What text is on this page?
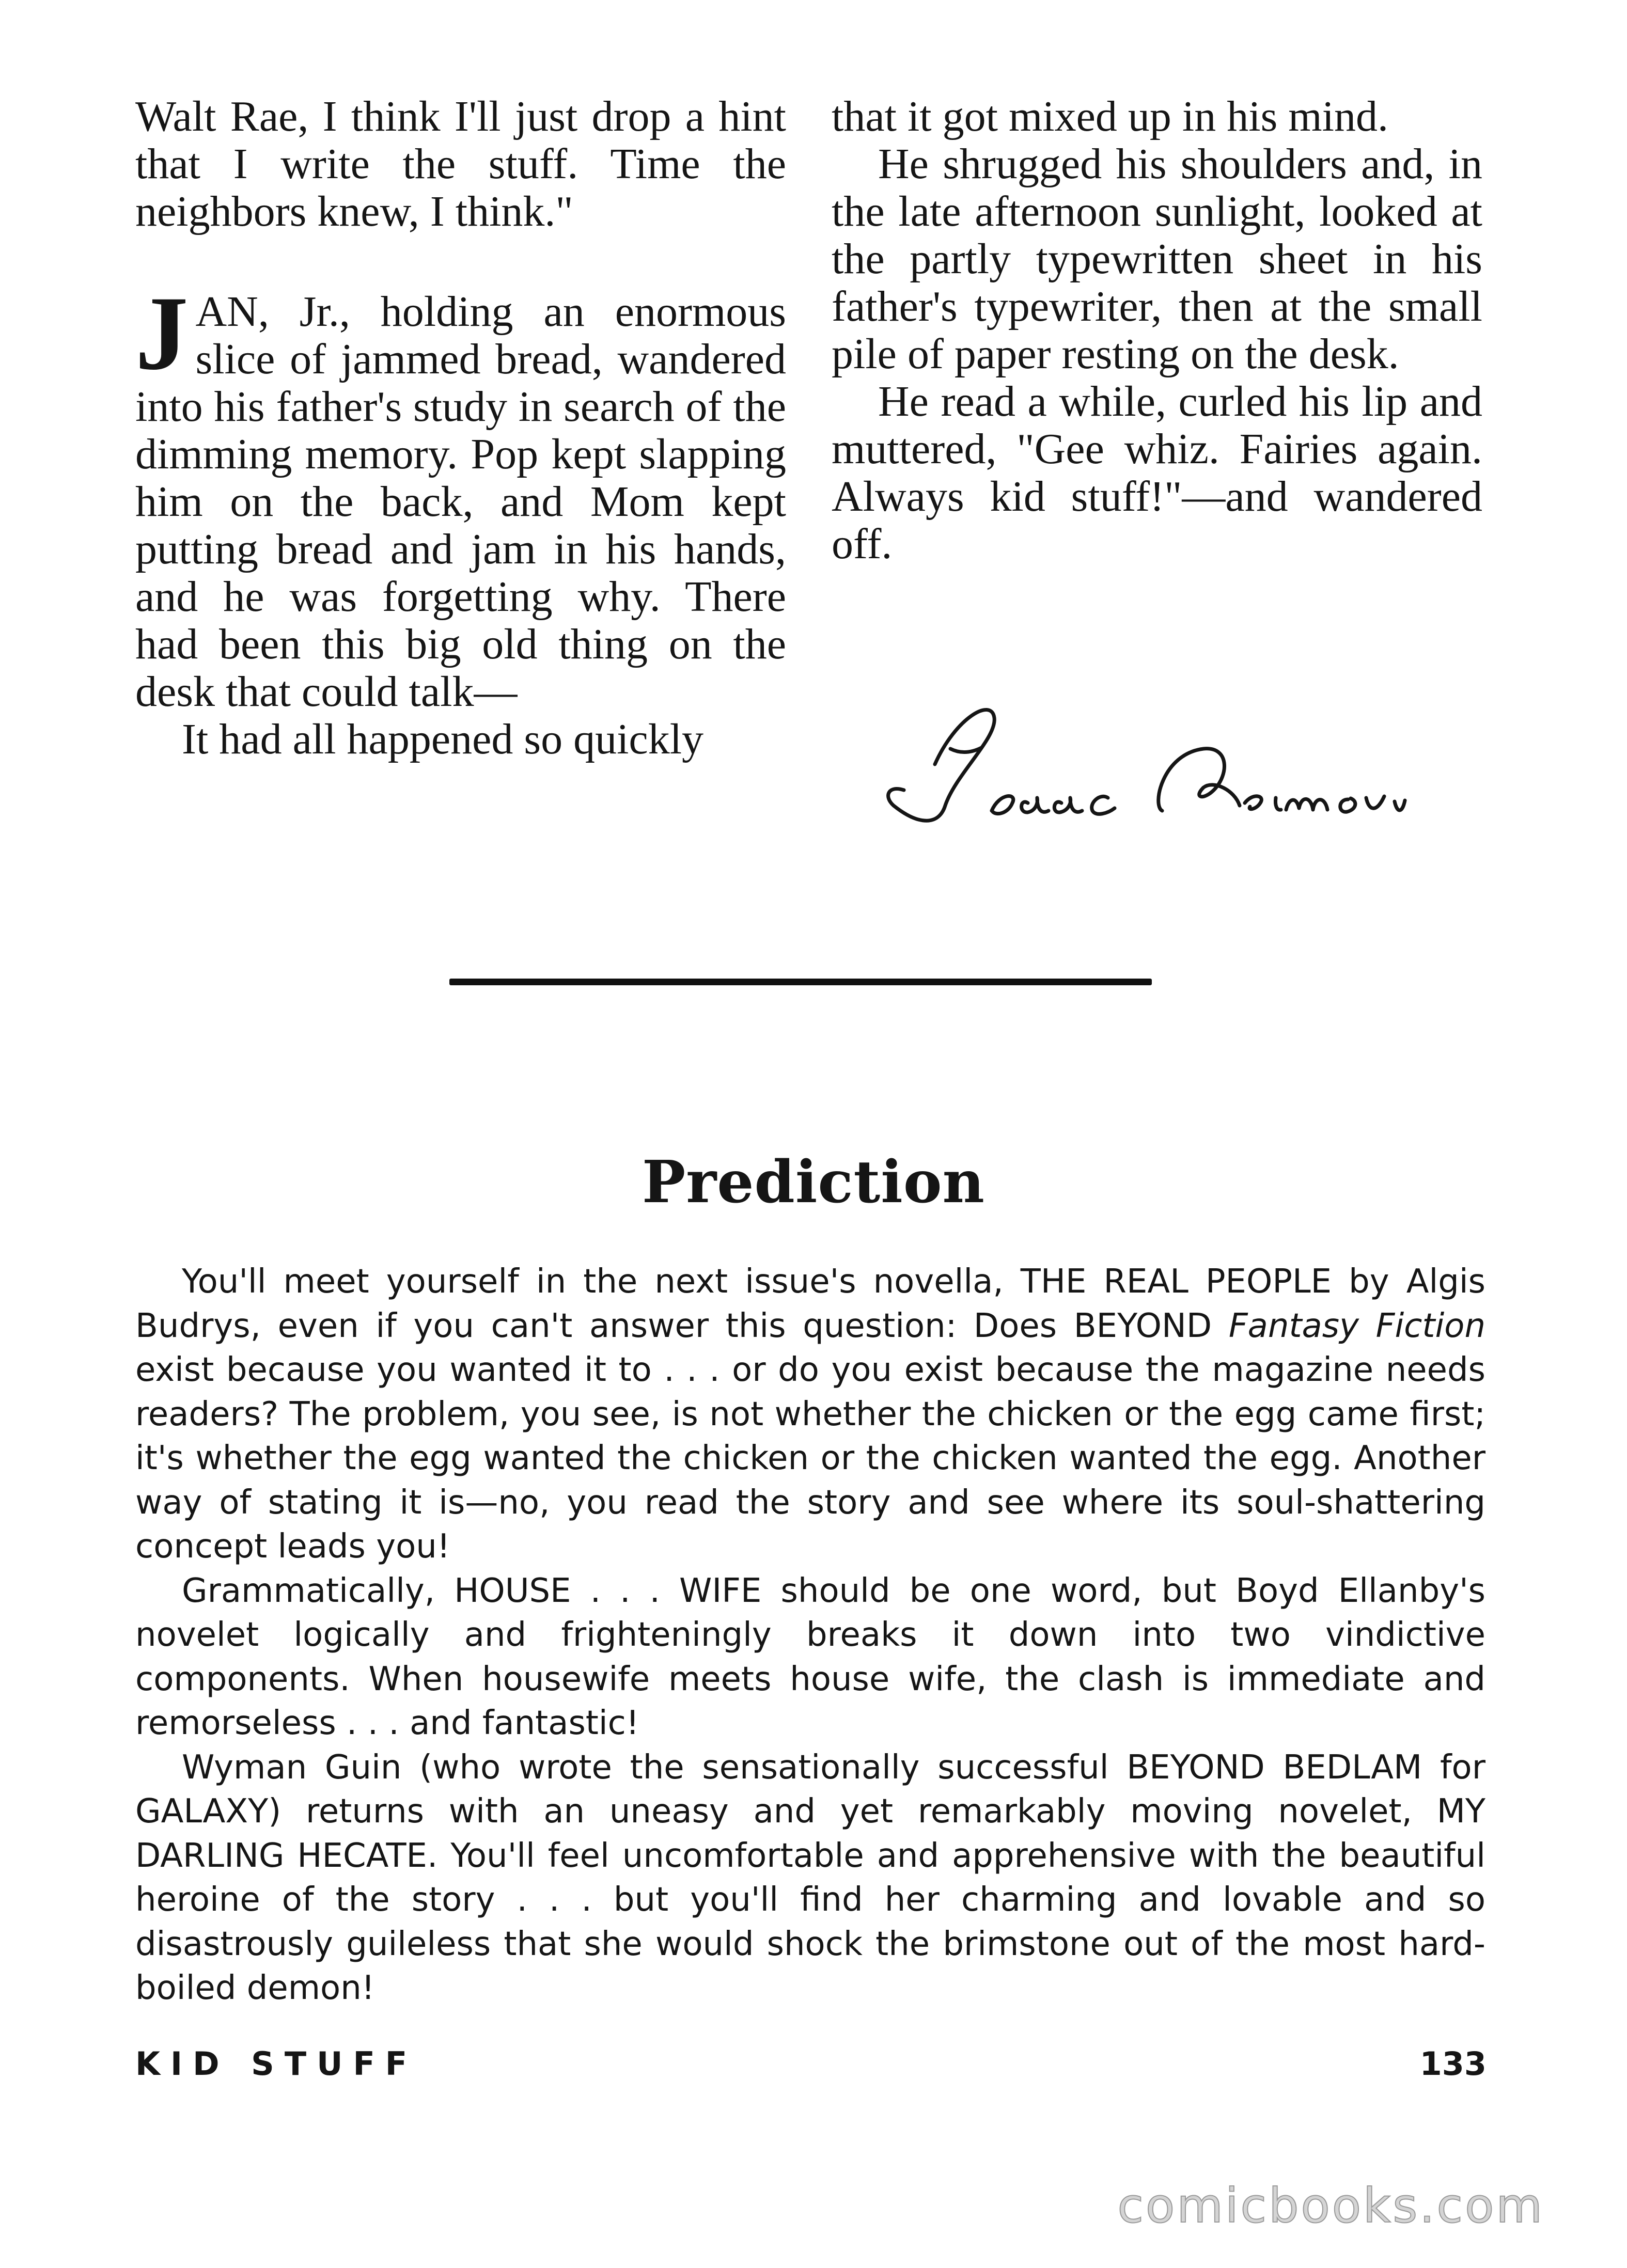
Walt Rae, I think I'll just drop a hint that I write the stuff. Time the neighbors knew, I think."

JAN, Jr., holding an enormous slice of jammed bread, wandered into his father's study in search of the dimming memory. Pop kept slapping him on the back, and Mom kept putting bread and jam in his hands, and he was forgetting why. There had been this big old thing on the desk that could talk—

It had all happened so quickly

that it got mixed up in his mind.

He shrugged his shoulders and, in the late afternoon sunlight, looked at the partly typewritten sheet in his father's typewriter, then at the small pile of paper resting on the desk.

He read a while, curled his lip and muttered, "Gee whiz. Fairies again. Always kid stuff!"—and wandered off.

Prediction

You'll meet yourself in the next issue's novella, THE REAL PEOPLE by Algis Budrys, even if you can't answer this question: Does BEYOND Fantasy Fiction exist because you wanted it to . . . or do you exist because the magazine needs readers? The problem, you see, is not whether the chicken or the egg came first; it's whether the egg wanted the chicken or the chicken wanted the egg. Another way of stating it is—no, you read the story and see where its soul-shattering concept leads you!

Grammatically, HOUSE . . . WIFE should be one word, but Boyd Ellanby's novelet logically and frighteningly breaks it down into two vindictive components. When housewife meets house wife, the clash is immediate and remorseless . . . and fantastic!

Wyman Guin (who wrote the sensationally successful BEYOND BEDLAM for GALAXY) returns with an uneasy and yet remarkably moving novelet, MY DARLING HECATE. You'll feel uncomfortable and apprehensive with the beautiful heroine of the story . . . but you'll find her charming and lovable and so disastrously guileless that she would shock the brimstone out of the most hard-boiled demon!

KID STUFF	133
comicbooks.com
